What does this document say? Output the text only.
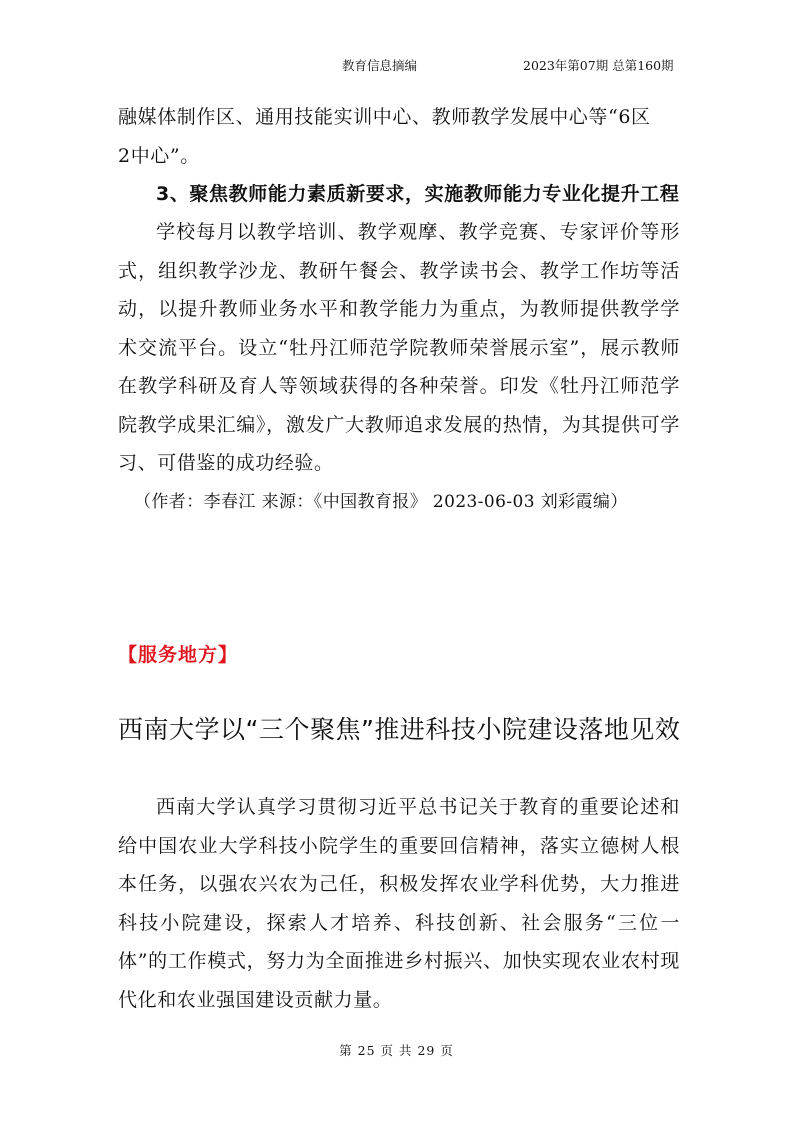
教育信息摘编	2023年第07期 总第160期

融媒体制作区、通用技能实训中心、教师教学发展中心等“6区
2中心”。

3、聚焦教师能力素质新要求，实施教师能力专业化提升工程

学校每月以教学培训、教学观摩、教学竞赛、专家评价等形式，组织教学沙龙、教研午餐会、教学读书会、教学工作坊等活动，以提升教师业务水平和教学能力为重点，为教师提供教学学术交流平台。设立“牡丹江师范学院教师荣誉展示室”，展示教师在教学科研及育人等领域获得的各种荣誉。印发《牡丹江师范学院教学成果汇编》，激发广大教师追求发展的热情，为其提供可学习、可借鉴的成功经验。

（作者：李春江 来源：《中国教育报》 2023-06-03 刘彩霞编）

【服务地方】
西南大学以“三个聚焦”推进科技小院建设落地见效

西南大学认真学习贯彻习近平总书记关于教育的重要论述和给中国农业大学科技小院学生的重要回信精神，落实立德树人根本任务，以强农兴农为己任，积极发挥农业学科优势，大力推进科技小院建设，探索人才培养、科技创新、社会服务“三位一体”的工作模式，努力为全面推进乡村振兴、加快实现农业农村现代化和农业强国建设贡献力量。

第 25 页 共 29 页
